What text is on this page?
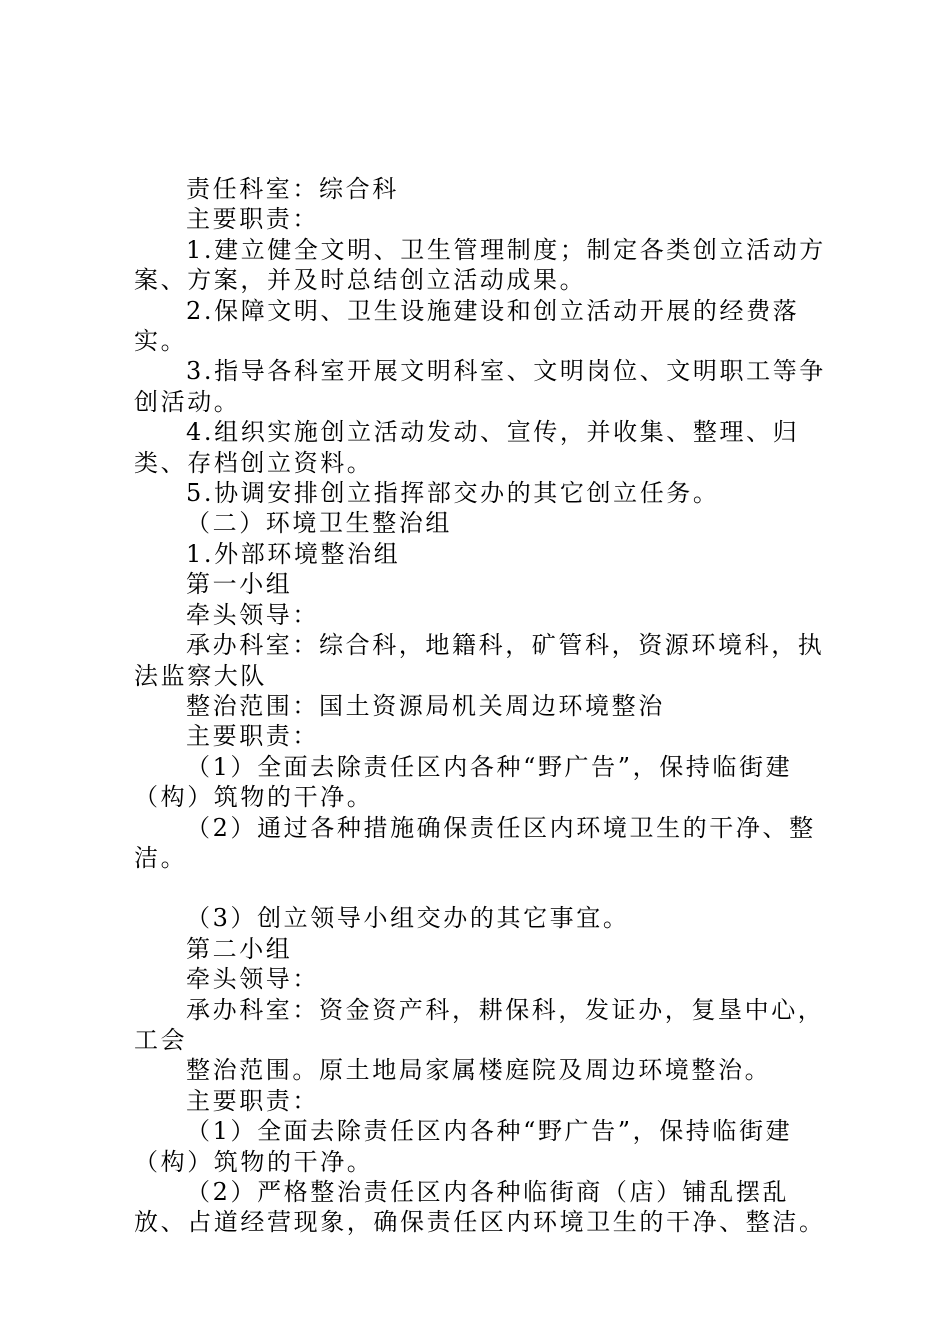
责任科室：综合科

主要职责：

1.建立健全文明、卫生管理制度；制定各类创立活动方案、方案，并及时总结创立活动成果。

2.保障文明、卫生设施建设和创立活动开展的经费落实。

3.指导各科室开展文明科室、文明岗位、文明职工等争创活动。

4.组织实施创立活动发动、宣传，并收集、整理、归类、存档创立资料。

5.协调安排创立指挥部交办的其它创立任务。

（二）环境卫生整治组

1.外部环境整治组

第一小组

牵头领导：

承办科室：综合科，地籍科，矿管科，资源环境科，执法监察大队

整治范围：国土资源局机关周边环境整治

主要职责：

（1）全面去除责任区内各种“野广告”，保持临街建（构）筑物的干净。

（2）通过各种措施确保责任区内环境卫生的干净、整洁。

（3）创立领导小组交办的其它事宜。

第二小组

牵头领导：

承办科室：资金资产科，耕保科，发证办，复垦中心，工会

整治范围。原土地局家属楼庭院及周边环境整治。

主要职责：

（1）全面去除责任区内各种“野广告”，保持临街建（构）筑物的干净。

（2）严格整治责任区内各种临街商（店）铺乱摆乱放、占道经营现象，确保责任区内环境卫生的干净、整洁。
